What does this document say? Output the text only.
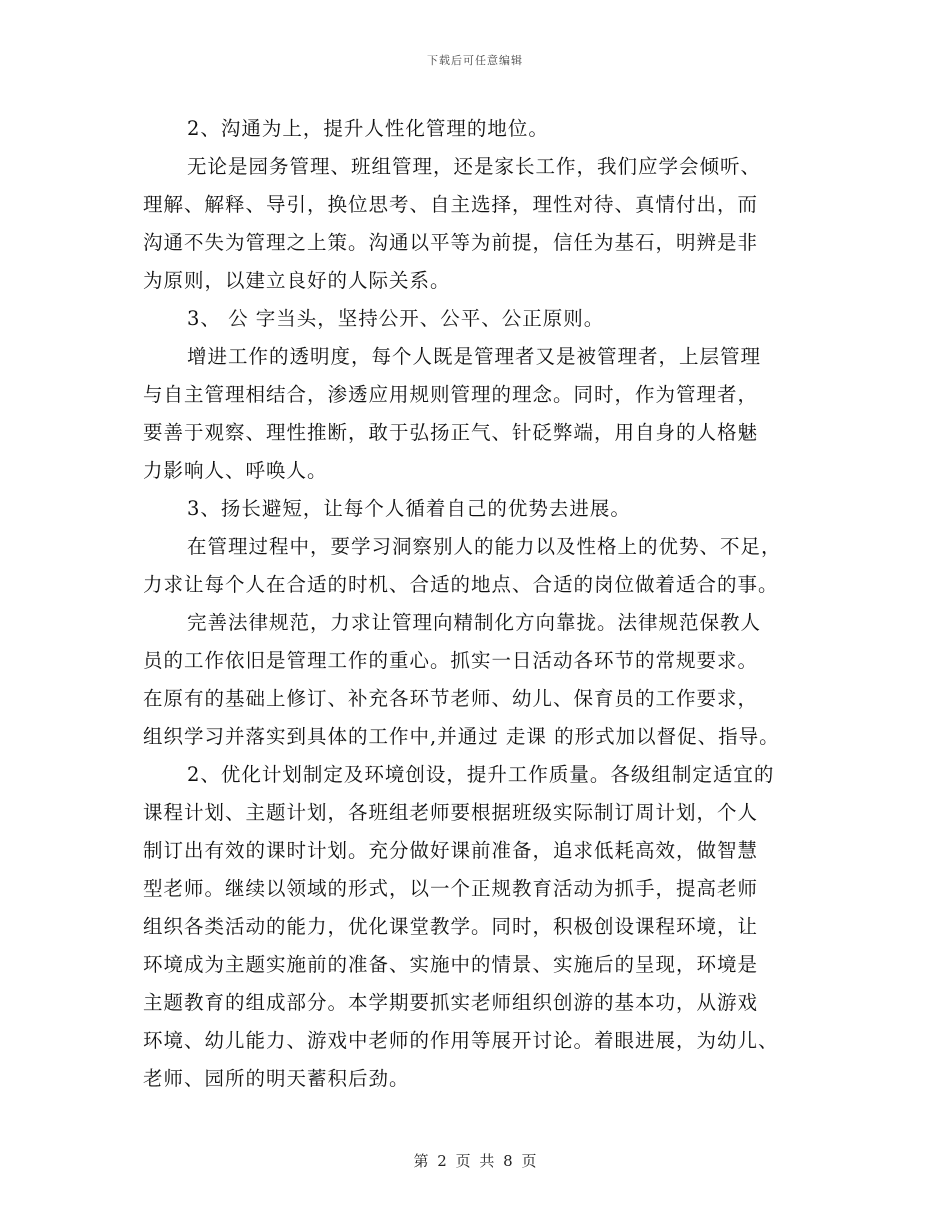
下载后可任意编辑
2、沟通为上，提升人性化管理的地位。
无论是园务管理、班组管理，还是家长工作，我们应学会倾听、
理解、解释、导引，换位思考、自主选择，理性对待、真情付出，而
沟通不失为管理之上策。沟通以平等为前提，信任为基石，明辨是非
为原则，以建立良好的人际关系。
3、 公 字当头，坚持公开、公平、公正原则。
增进工作的透明度，每个人既是管理者又是被管理者，上层管理
与自主管理相结合，渗透应用规则管理的理念。同时，作为管理者，
要善于观察、理性推断，敢于弘扬正气、针砭弊端，用自身的人格魅
力影响人、呼唤人。
3、扬长避短，让每个人循着自己的优势去进展。
在管理过程中，要学习洞察别人的能力以及性格上的优势、不足，
力求让每个人在合适的时机、合适的地点、合适的岗位做着适合的事。
完善法律规范，力求让管理向精制化方向靠拢。法律规范保教人
员的工作依旧是管理工作的重心。抓实一日活动各环节的常规要求。
在原有的基础上修订、补充各环节老师、幼儿、保育员的工作要求，
组织学习并落实到具体的工作中,并通过 走课 的形式加以督促、指导。
2、优化计划制定及环境创设，提升工作质量。各级组制定适宜的
课程计划、主题计划，各班组老师要根据班级实际制订周计划，个人
制订出有效的课时计划。充分做好课前准备，追求低耗高效，做智慧
型老师。继续以领域的形式，以一个正规教育活动为抓手，提高老师
组织各类活动的能力，优化课堂教学。同时，积极创设课程环境，让
环境成为主题实施前的准备、实施中的情景、实施后的呈现，环境是
主题教育的组成部分。本学期要抓实老师组织创游的基本功，从游戏
环境、幼儿能力、游戏中老师的作用等展开讨论。着眼进展，为幼儿、
老师、园所的明天蓄积后劲。
第 2 页 共 8 页
